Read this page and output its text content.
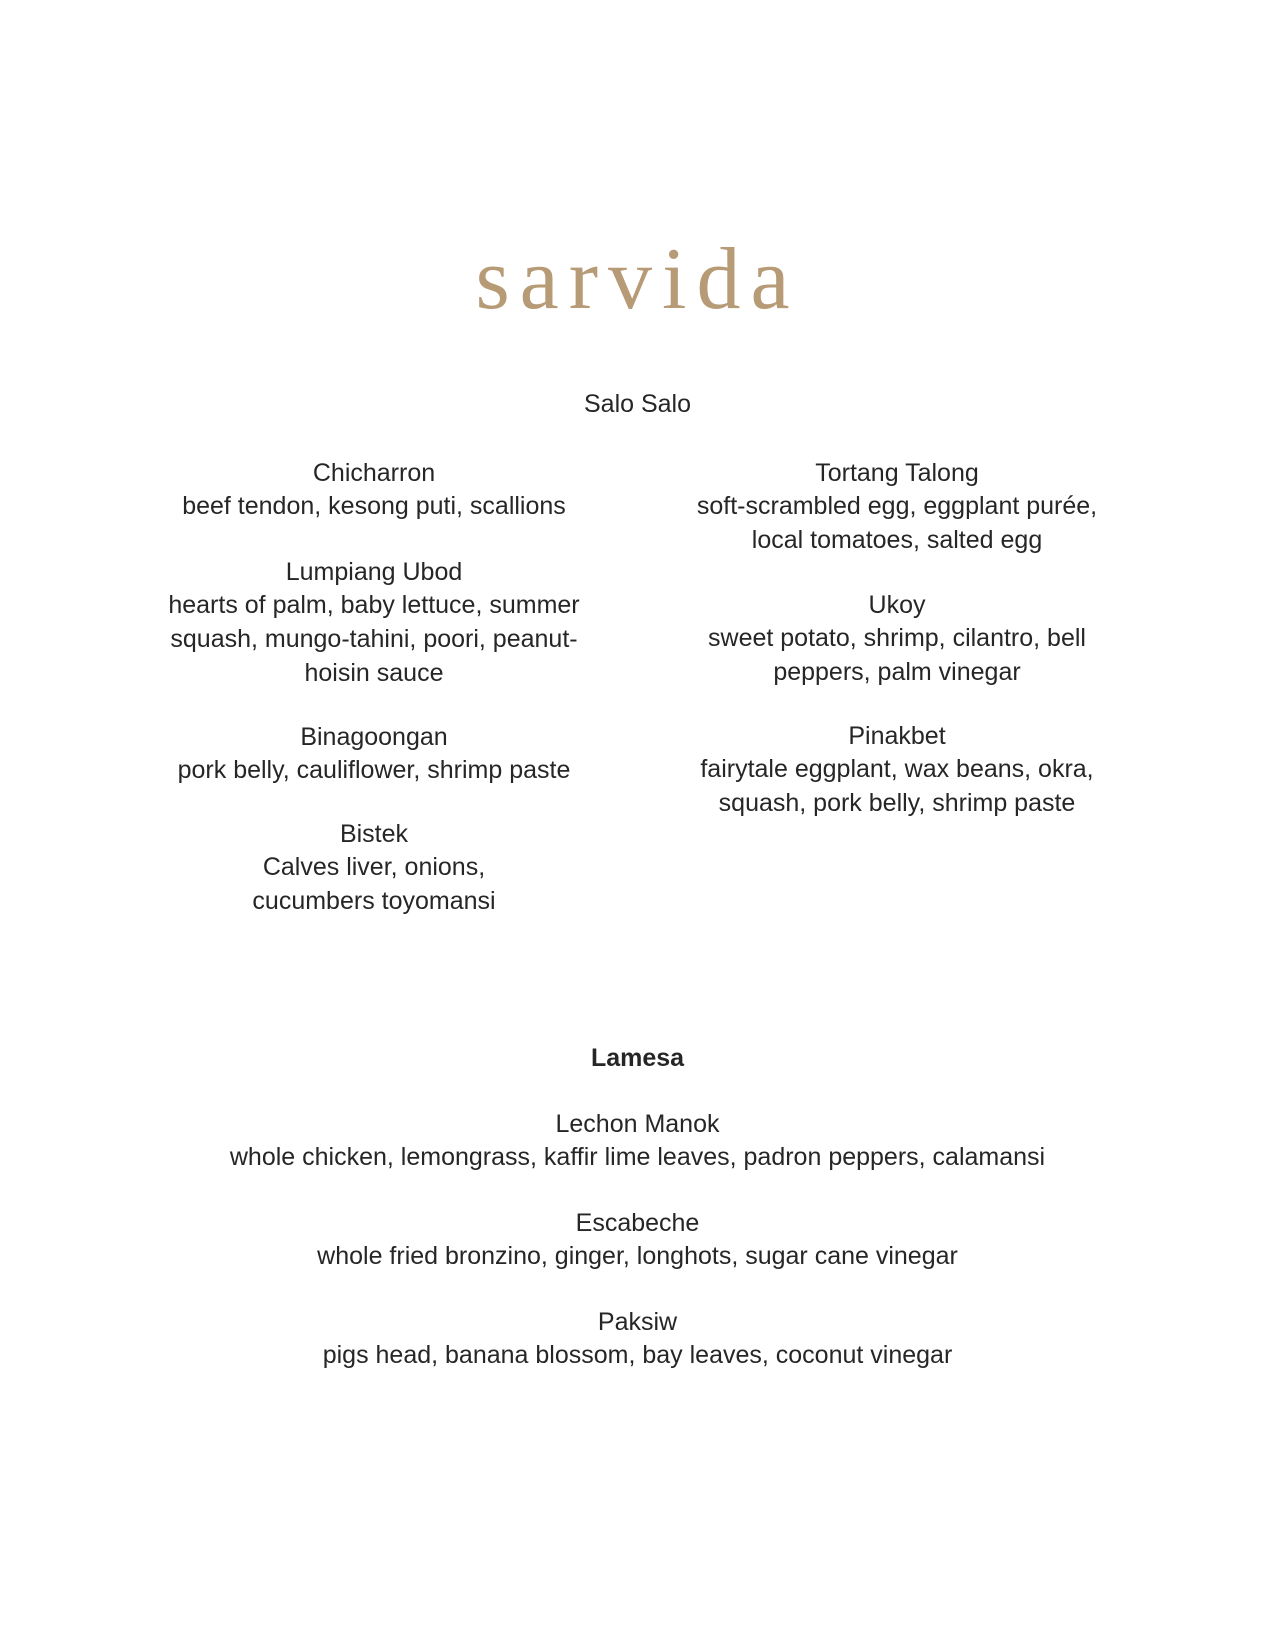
sarvida
Salo Salo
Chicharron
beef tendon, kesong puti, scallions
Lumpiang Ubod
hearts of palm, baby lettuce, summer squash, mungo-tahini, poori, peanut-hoisin sauce
Binagoongan
pork belly, cauliflower, shrimp paste
Bistek
Calves liver, onions, cucumbers toyomansi
Tortang Talong
soft-scrambled egg, eggplant purée, local tomatoes, salted egg
Ukoy
sweet potato, shrimp, cilantro, bell peppers, palm vinegar
Pinakbet
fairytale eggplant, wax beans, okra, squash, pork belly, shrimp paste
Lamesa
Lechon Manok
whole chicken, lemongrass, kaffir lime leaves, padron peppers, calamansi
Escabeche
whole fried bronzino, ginger, longhots, sugar cane vinegar
Paksiw
pigs head, banana blossom, bay leaves, coconut vinegar
